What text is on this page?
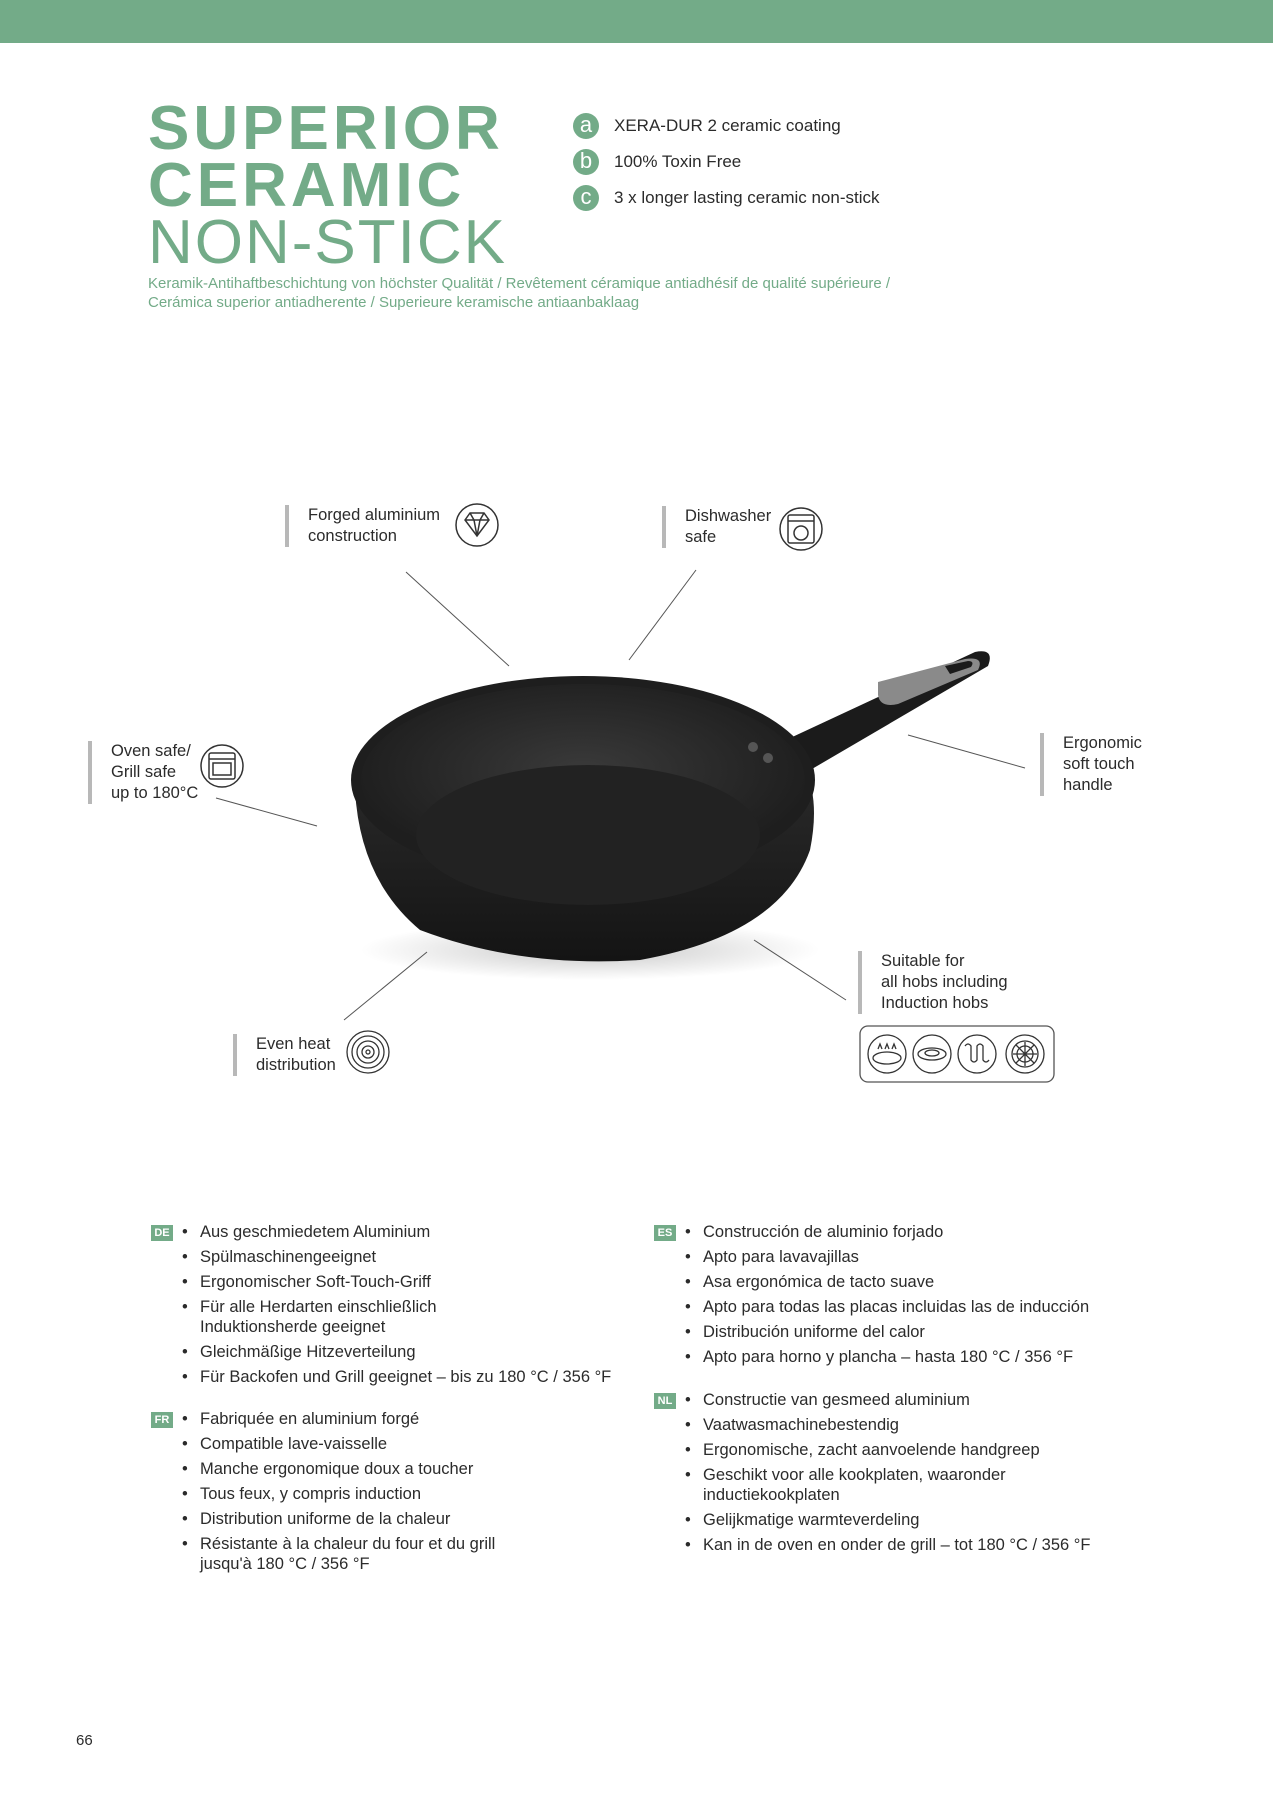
SUPERIOR
CERAMIC
NON-STICK
Keramik-Antihaftbeschichtung von höchster Qualität / Revêtement céramique antiadhésif de qualité supérieure /
Cerámica superior antiadherente / Superieure keramische antiaanbaklaag
a	XERA-DUR 2 ceramic coating
b	100% Toxin Free
c	3 x longer lasting ceramic non-stick
Forged aluminium
construction
Dishwasher
safe
Oven safe/
Grill safe
up to 180°C
Ergonomic
soft touch
handle
Suitable for
all hobs including
Induction hobs
Even heat
distribution
DE	• Aus geschmiedetem Aluminium
• Spülmaschinengeeignet
• Ergonomischer Soft-Touch-Griff
• Für alle Herdarten einschließlich Induktionsherde geeignet
• Gleichmäßige Hitzeverteilung
• Für Backofen und Grill geeignet – bis zu 180 °C / 356 °F
FR	• Fabriquée en aluminium forgé
• Compatible lave-vaisselle
• Manche ergonomique doux a toucher
• Tous feux, y compris induction
• Distribution uniforme de la chaleur
• Résistante à la chaleur du four et du grill jusqu'à 180 °C / 356 °F
ES	• Construcción de aluminio forjado
• Apto para lavavajillas
• Asa ergonómica de tacto suave
• Apto para todas las placas incluidas las de inducción
• Distribución uniforme del calor
• Apto para horno y plancha – hasta 180 °C / 356 °F
NL	• Constructie van gesmeed aluminium
• Vaatwasmachinebestendig
• Ergonomische, zacht aanvoelende handgreep
• Geschikt voor alle kookplaten, waaronder inductiekookplaten
• Gelijkmatige warmteverdeling
• Kan in de oven en onder de grill – tot 180 °C / 356 °F
66
